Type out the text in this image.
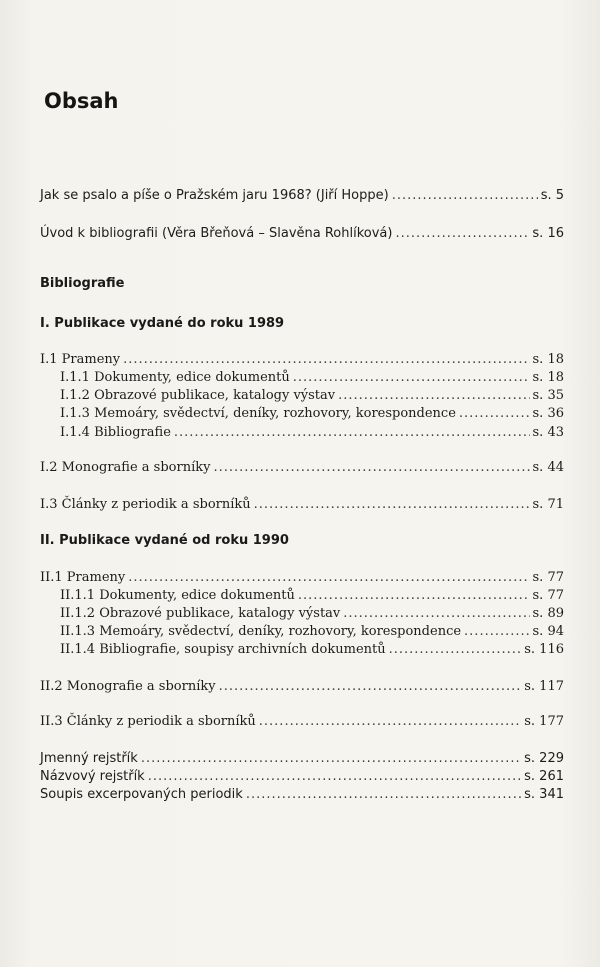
Obsah
Jak se psalo a píše o Pražském jaru 1968? (Jiří Hoppe) .....	s. 5
Úvod k bibliografii (Věra Břeňová – Slavěna Rohlíková) .....	s. 16
Bibliografie
I. Publikace vydané do roku 1989
I.1 Prameny .....	s. 18
I.1.1 Dokumenty, edice dokumentů .....	s. 18
I.1.2 Obrazové publikace, katalogy výstav .....	s. 35
I.1.3 Memoáry, svědectví, deníky, rozhovory, korespondence .....	s. 36
I.1.4 Bibliografie .....	s. 43
I.2 Monografie a sborníky .....	s. 44
I.3 Články z periodik a sborníků .....	s. 71
II. Publikace vydané od roku 1990
II.1 Prameny .....	s. 77
II.1.1 Dokumenty, edice dokumentů .....	s. 77
II.1.2 Obrazové publikace, katalogy výstav .....	s. 89
II.1.3 Memoáry, svědectví, deníky, rozhovory, korespondence .....	s. 94
II.1.4 Bibliografie, soupisy archivních dokumentů .....	s. 116
II.2 Monografie a sborníky .....	s. 117
II.3 Články z periodik a sborníků .....	s. 177
Jmenný rejstřík .....	s. 229
Názvový rejstřík .....	s. 261
Soupis excerpovaných periodik .....	s. 341
